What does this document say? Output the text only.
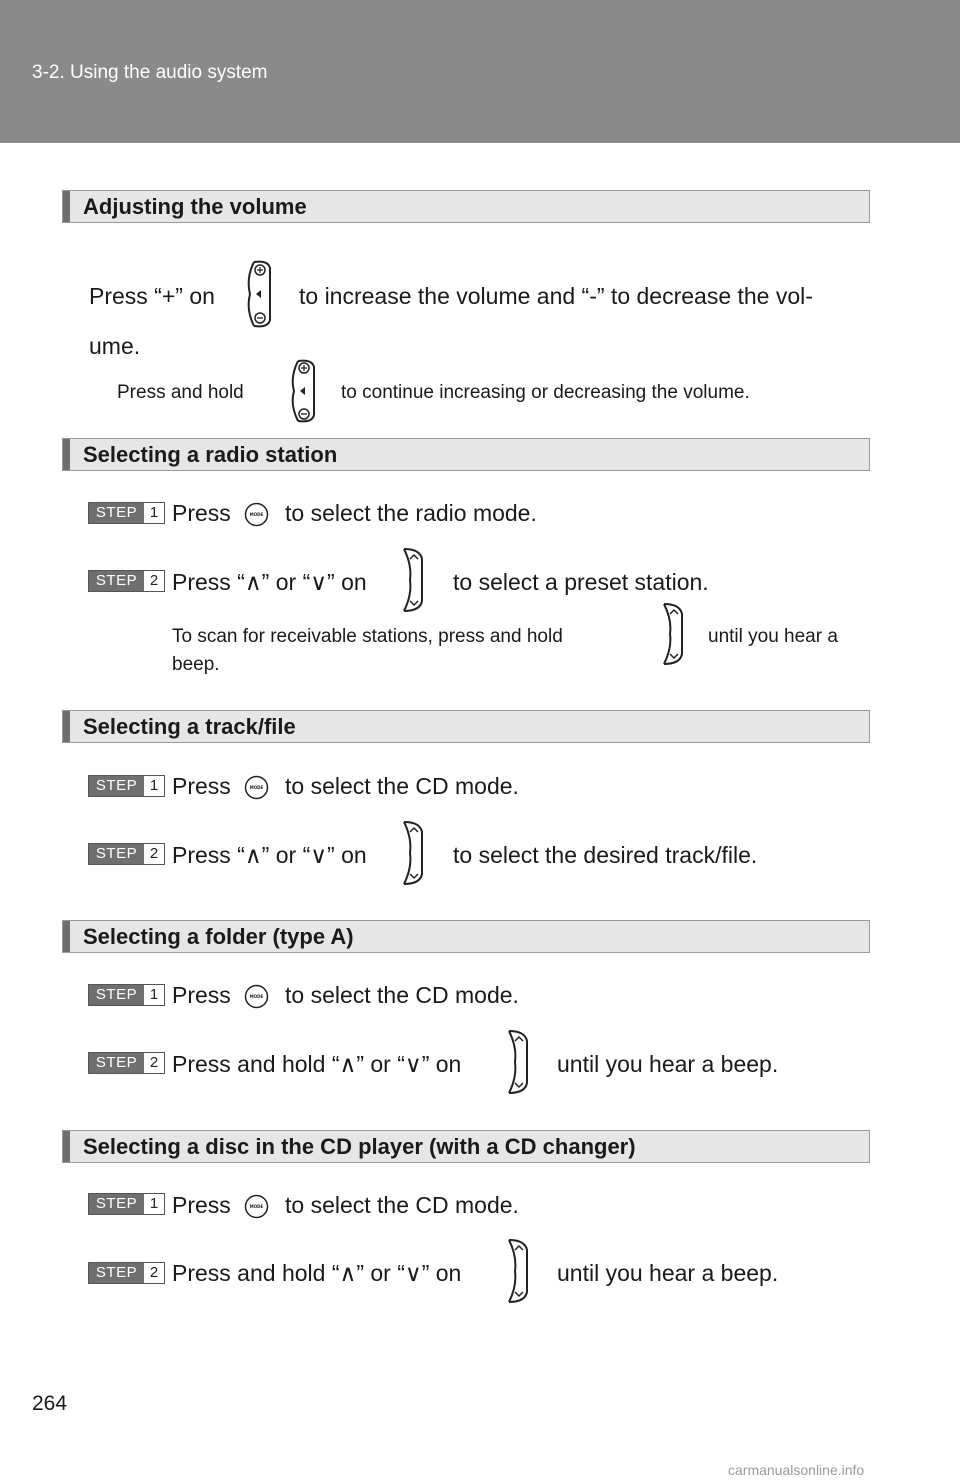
3-2. Using the audio system
Adjusting the volume
Press “+” on	to increase the volume and “-” to decrease the vol-
ume.
Press and hold	to continue increasing or decreasing the volume.
Selecting a radio station
STEP 1 Press	MODE to select the radio mode.
STEP 2 Press “∧” or “∨” on	to select a preset station.
To scan for receivable stations, press and hold	until you hear a
beep.
Selecting a track/file
STEP 1 Press	MODE to select the CD mode.
STEP 2 Press “∧” or “∨” on	to select the desired track/file.
Selecting a folder (type A)
STEP 1 Press	MODE to select the CD mode.
STEP 2 Press and hold “∧” or “∨” on	until you hear a beep.
Selecting a disc in the CD player (with a CD changer)
STEP 1 Press	MODE to select the CD mode.
STEP 2 Press and hold “∧” or “∨” on	until you hear a beep.
264
carmanualsonline.info
